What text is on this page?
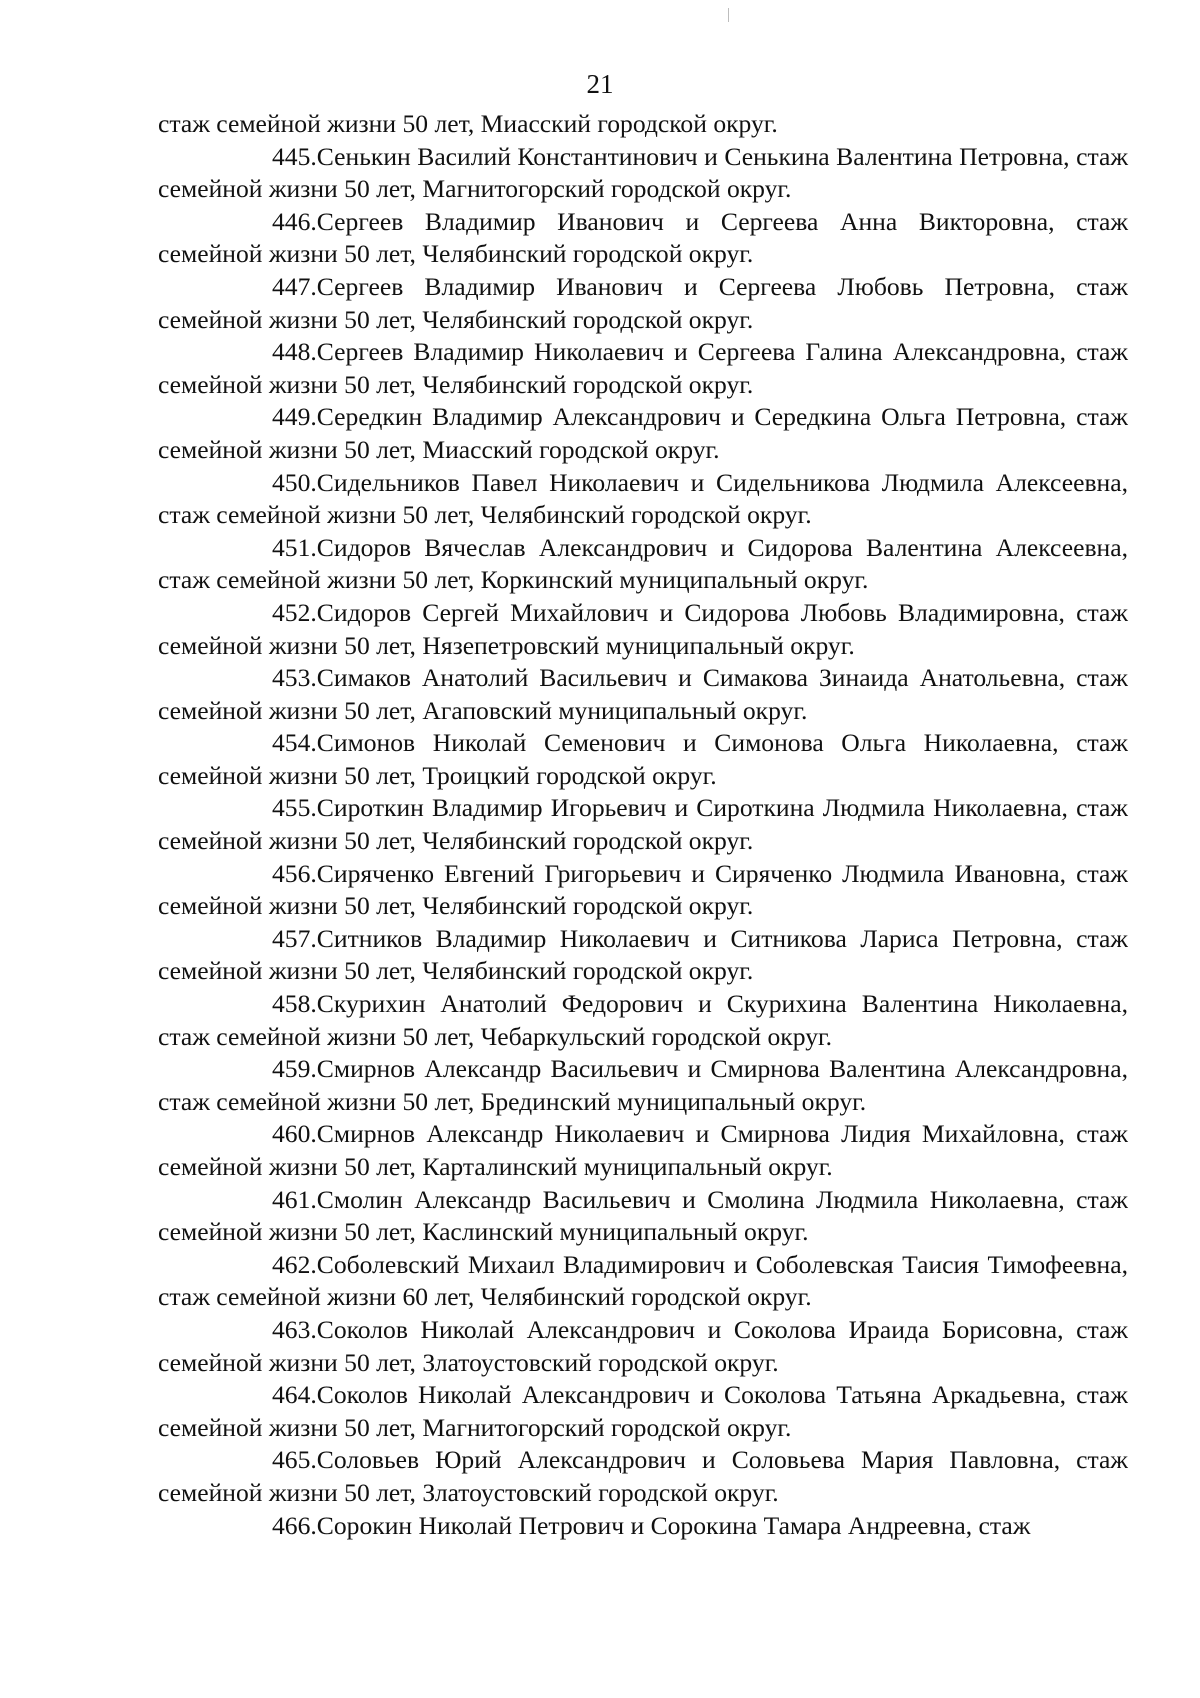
21

стаж семейной жизни 50 лет, Миасский городской округ.

445.Сенькин Василий Константинович и Сенькина Валентина Петровна, стаж семейной жизни 50 лет, Магнитогорский городской округ.

446.Сергеев Владимир Иванович и Сергеева Анна Викторовна, стаж семейной жизни 50 лет, Челябинский городской округ.

447.Сергеев Владимир Иванович и Сергеева Любовь Петровна, стаж семейной жизни 50 лет, Челябинский городской округ.

448.Сергеев Владимир Николаевич и Сергеева Галина Александровна, стаж семейной жизни 50 лет, Челябинский городской округ.

449.Середкин Владимир Александрович и Середкина Ольга Петровна, стаж семейной жизни 50 лет, Миасский городской округ.

450.Сидельников Павел Николаевич и Сидельникова Людмила Алексеевна, стаж семейной жизни 50 лет, Челябинский городской округ.

451.Сидоров Вячеслав Александрович и Сидорова Валентина Алексеевна, стаж семейной жизни 50 лет, Коркинский муниципальный округ.

452.Сидоров Сергей Михайлович и Сидорова Любовь Владимировна, стаж семейной жизни 50 лет, Нязепетровский муниципальный округ.

453.Симаков Анатолий Васильевич и Симакова Зинаида Анатольевна, стаж семейной жизни 50 лет, Агаповский муниципальный округ.

454.Симонов Николай Семенович и Симонова Ольга Николаевна, стаж семейной жизни 50 лет, Троицкий городской округ.

455.Сироткин Владимир Игорьевич и Сироткина Людмила Николаевна, стаж семейной жизни 50 лет, Челябинский городской округ.

456.Сиряченко Евгений Григорьевич и Сиряченко Людмила Ивановна, стаж семейной жизни 50 лет, Челябинский городской округ.

457.Ситников Владимир Николаевич и Ситникова Лариса Петровна, стаж семейной жизни 50 лет, Челябинский городской округ.

458.Скурихин Анатолий Федорович и Скурихина Валентина Николаевна, стаж семейной жизни 50 лет, Чебаркульский городской округ.

459.Смирнов Александр Васильевич и Смирнова Валентина Александровна, стаж семейной жизни 50 лет, Брединский муниципальный округ.

460.Смирнов Александр Николаевич и Смирнова Лидия Михайловна, стаж семейной жизни 50 лет, Карталинский муниципальный округ.

461.Смолин Александр Васильевич и Смолина Людмила Николаевна, стаж семейной жизни 50 лет, Каслинский муниципальный округ.

462.Соболевский Михаил Владимирович и Соболевская Таисия Тимофеевна, стаж семейной жизни 60 лет, Челябинский городской округ.

463.Соколов Николай Александрович и Соколова Ираида Борисовна, стаж семейной жизни 50 лет, Златоустовский городской округ.

464.Соколов Николай Александрович и Соколова Татьяна Аркадьевна, стаж семейной жизни 50 лет, Магнитогорский городской округ.

465.Соловьев Юрий Александрович и Соловьева Мария Павловна, стаж семейной жизни 50 лет, Златоустовский городской округ.

466.Сорокин Николай Петрович и Сорокина Тамара Андреевна, стаж
